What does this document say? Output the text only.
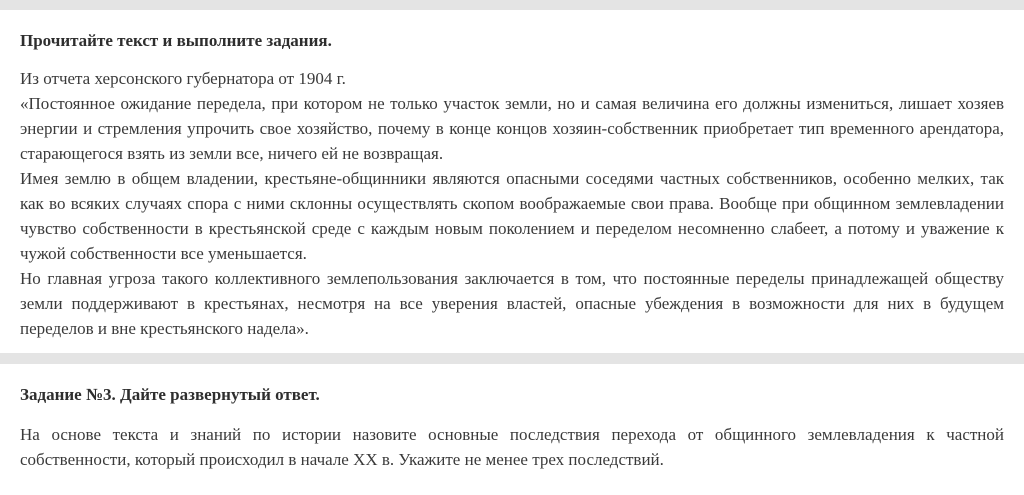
Прочитайте текст и выполните задания.

Из отчета херсонского губернатора от 1904 г.

«Постоянное ожидание передела, при котором не только участок земли, но и самая величина его должны измениться, лишает хозяев энергии и стремления упрочить свое хозяйство, почему в конце концов хозяин-собственник приобретает тип временного арендатора, старающегося взять из земли все, ничего ей не возвращая.

Имея землю в общем владении, крестьяне-общинники являются опасными соседями частных собственников, особенно мелких, так как во всяких случаях спора с ними склонны осуществлять скопом воображаемые свои права. Вообще при общинном землевладении чувство собственности в крестьянской среде с каждым новым поколением и переделом несомненно слабеет, а потому и уважение к чужой собственности все уменьшается.

Но главная угроза такого коллективного землепользования заключается в том, что постоянные переделы принадлежащей обществу земли поддерживают в крестьянах, несмотря на все уверения властей, опасные убеждения в возможности для них в будущем переделов и вне крестьянского надела».

Задание №3. Дайте развернутый ответ.

На основе текста и знаний по истории назовите основные последствия перехода от общинного землевладения к частной собственности, который происходил в начале XX в. Укажите не менее трех последствий.
